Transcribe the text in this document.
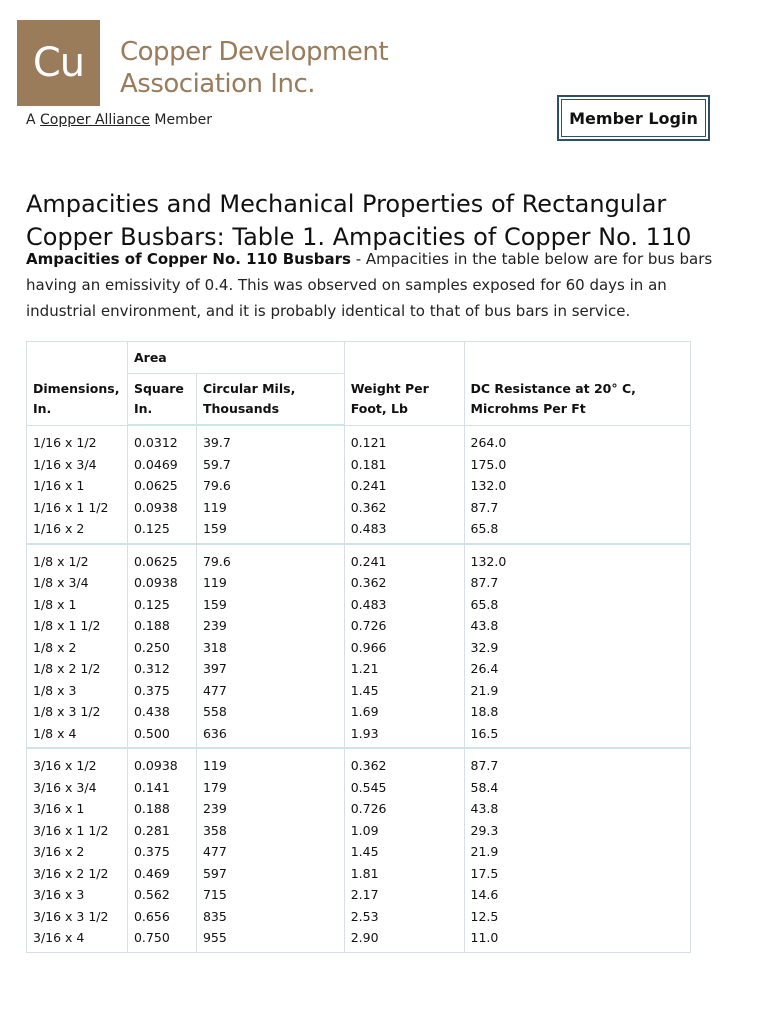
Cu	Copper Development
Association Inc.
A Copper Alliance Member	Member Login
Ampacities and Mechanical Properties of Rectangular
Copper Busbars: Table 1. Ampacities of Copper No. 110

Ampacities of Copper No. 110 Busbars - Ampacities in the table below are for bus bars having an emissivity of 0.4. This was observed on samples exposed for 60 days in an industrial environment, and it is probably identical to that of bus bars in service.

Dimensions, In.	Area		Weight Per Foot, Lb	DC Resistance at 20° C, Microhms Per Ft
	Square In.	Circular Mils, Thousands		
1/16 x 1/2	0.0312	39.7	0.121	264.0
1/16 x 3/4	0.0469	59.7	0.181	175.0
1/16 x 1	0.0625	79.6	0.241	132.0
1/16 x 1 1/2	0.0938	119	0.362	87.7
1/16 x 2	0.125	159	0.483	65.8
1/8 x 1/2	0.0625	79.6	0.241	132.0
1/8 x 3/4	0.0938	119	0.362	87.7
1/8 x 1	0.125	159	0.483	65.8
1/8 x 1 1/2	0.188	239	0.726	43.8
1/8 x 2	0.250	318	0.966	32.9
1/8 x 2 1/2	0.312	397	1.21	26.4
1/8 x 3	0.375	477	1.45	21.9
1/8 x 3 1/2	0.438	558	1.69	18.8
1/8 x 4	0.500	636	1.93	16.5
3/16 x 1/2	0.0938	119	0.362	87.7
3/16 x 3/4	0.141	179	0.545	58.4
3/16 x 1	0.188	239	0.726	43.8
3/16 x 1 1/2	0.281	358	1.09	29.3
3/16 x 2	0.375	477	1.45	21.9
3/16 x 2 1/2	0.469	597	1.81	17.5
3/16 x 3	0.562	715	2.17	14.6
3/16 x 3 1/2	0.656	835	2.53	12.5
3/16 x 4	0.750	955	2.90	11.0
